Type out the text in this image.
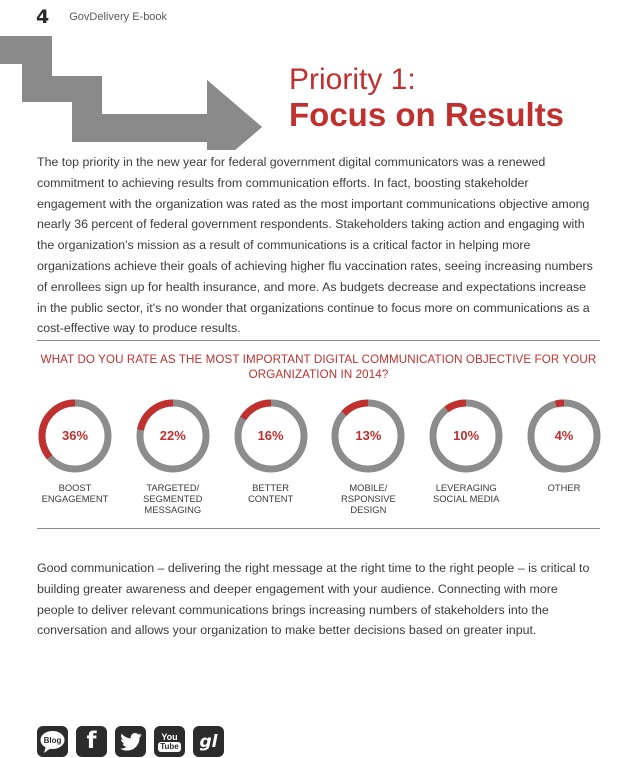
4 GovDelivery E-book
Priority 1:
Focus on Results
The top priority in the new year for federal government digital communicators was a renewed commitment to achieving results from communication efforts. In fact, boosting stakeholder engagement with the organization was rated as the most important communications objective among nearly 36 percent of federal government respondents. Stakeholders taking action and engaging with the organization's mission as a result of communications is a critical factor in helping more organizations achieve their goals of achieving higher flu vaccination rates, seeing increasing numbers of enrollees sign up for health insurance, and more. As budgets decrease and expectations increase in the public sector, it's no wonder that organizations continue to focus more on communications as a cost-effective way to produce results.
WHAT DO YOU RATE AS THE MOST IMPORTANT DIGITAL COMMUNICATION OBJECTIVE FOR YOUR ORGANIZATION IN 2014?
36%
BOOST
ENGAGEMENT
22%
TARGETED/
SEGMENTED
MESSAGING
16%
BETTER
CONTENT
13%
MOBILE/
RSPONSIVE
DESIGN
10%
LEVERAGING
SOCIAL MEDIA
4%
OTHER
Good communication – delivering the right message at the right time to the right people – is critical to building greater awareness and deeper engagement with your audience. Connecting with more people to deliver relevant communications brings increasing numbers of stakeholders into the conversation and allows your organization to make better decisions based on greater input.
Blog f	You
Tube gl
